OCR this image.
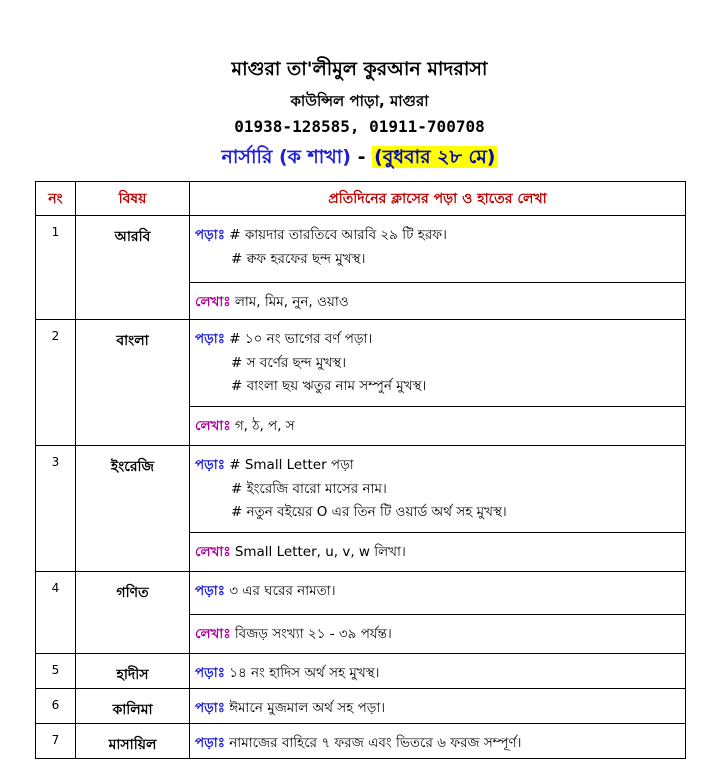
মাগুরা তা'লীমুল কুরআন মাদরাসা
কাউন্সিল পাড়া, মাগুরা
01938-128585, 01911-700708
নার্সারি (ক শাখা) - (বুধবার ২৮ মে)
নং	বিষয়	প্রতিদিনের ক্লাসের পড়া ও হাতের লেখা
1	আরবি	পড়াঃ # কায়দার তারতিবে আরবি ২৯ টি হরফ।
# ক্বফ হরফের ছন্দ মুখস্থ।

		লেখাঃ লাম, মিম, নুন, ওয়াও
2	বাংলা	পড়াঃ # ১০ নং ভাগের বর্ণ পড়া।
# স বর্ণের ছন্দ মুখস্থ।
# বাংলা ছয় ঋতুর নাম সম্পুর্ন মুখস্থ।

		লেখাঃ গ, ঠ, প, স
3	ইংরেজি	পড়াঃ # Small Letter পড়া
# ইংরেজি বারো মাসের নাম।
# নতুন বইয়ের O এর তিন টি ওয়ার্ড অর্থ সহ মুখস্থ।

		লেখাঃ Small Letter, u, v, w লিখা।
4	গণিত	পড়াঃ ৩ এর ঘরের নামতা।

		লেখাঃ বিজড় সংখ্যা ২১ - ৩৯ পর্যন্ত।
5	হাদীস	পড়াঃ ১৪ নং হাদিস অর্থ সহ মুখস্থ।

6	কালিমা	পড়াঃ ঈমানে মুজমাল অর্থ সহ পড়া।

7	মাসায়িল	পড়াঃ নামাজের বাহিরে ৭ ফরজ এবং ভিতরে ৬ ফরজ সম্পূর্ণ।
